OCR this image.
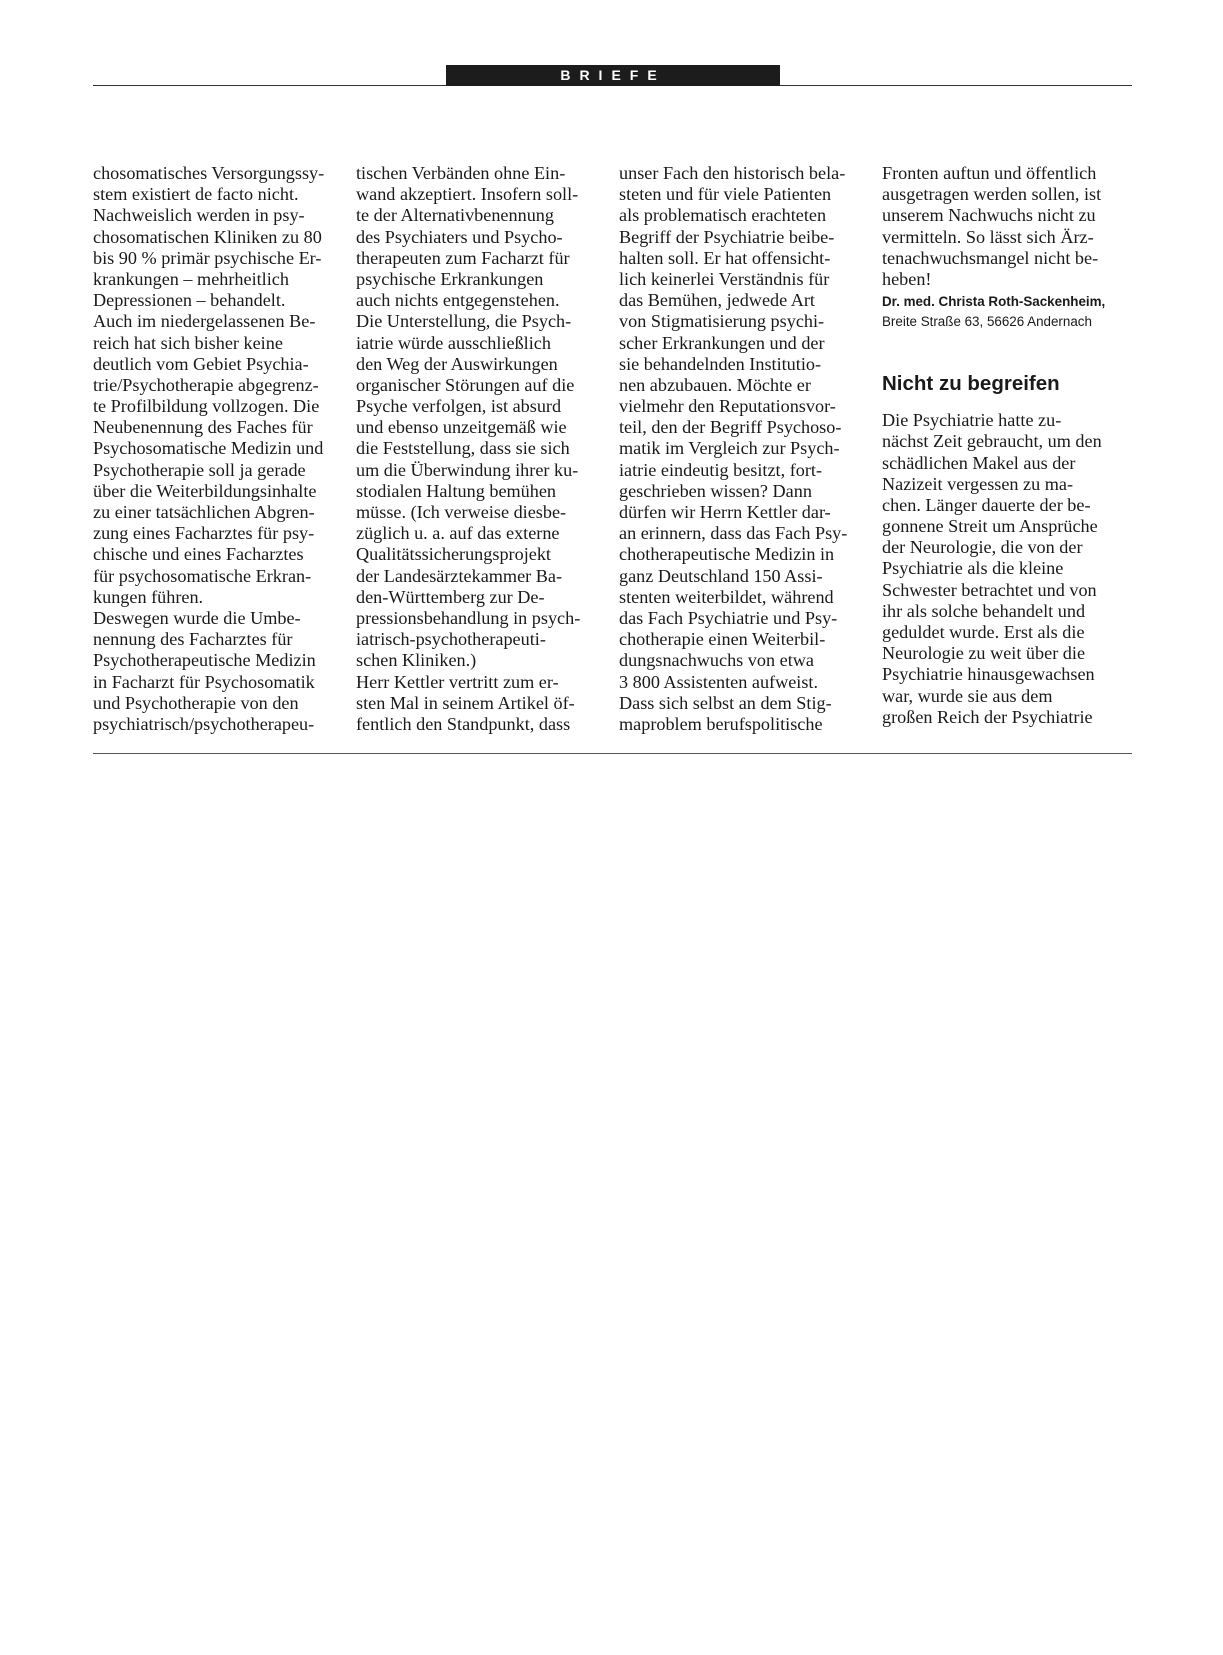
BRIEFE
chosomatisches Versorgungssy-
stem existiert de facto nicht.
Nachweislich werden in psy-
chosomatischen Kliniken zu 80
bis 90 % primär psychische Er-
krankungen – mehrheitlich
Depressionen – behandelt.
Auch im niedergelassenen Be-
reich hat sich bisher keine
deutlich vom Gebiet Psychia-
trie/Psychotherapie abgegrenz-
te Profilbildung vollzogen. Die
Neubenennung des Faches für
Psychosomatische Medizin und
Psychotherapie soll ja gerade
über die Weiterbildungsinhalte
zu einer tatsächlichen Abgren-
zung eines Facharztes für psy-
chische und eines Facharztes
für psychosomatische Erkran-
kungen führen.
Deswegen wurde die Umbe-
nennung des Facharztes für
Psychotherapeutische Medizin
in Facharzt für Psychosomatik
und Psychotherapie von den
psychiatrisch/psychotherapeu-
tischen Verbänden ohne Ein-
wand akzeptiert. Insofern soll-
te der Alternativbenennung
des Psychiaters und Psycho-
therapeuten zum Facharzt für
psychische Erkrankungen
auch nichts entgegenstehen.
Die Unterstellung, die Psych-
iatrie würde ausschließlich
den Weg der Auswirkungen
organischer Störungen auf die
Psyche verfolgen, ist absurd
und ebenso unzeitgemäß wie
die Feststellung, dass sie sich
um die Überwindung ihrer ku-
stodialen Haltung bemühen
müsse. (Ich verweise diesbe-
züglich u. a. auf das externe
Qualitätssicherungsprojekt
der Landesärztekammer Ba-
den-Württemberg zur De-
pressionsbehandlung in psych-
iatrisch-psychotherapeuti-
schen Kliniken.)
Herr Kettler vertritt zum er-
sten Mal in seinem Artikel öf-
fentlich den Standpunkt, dass
unser Fach den historisch bela-
steten und für viele Patienten
als problematisch erachteten
Begriff der Psychiatrie beibe-
halten soll. Er hat offensicht-
lich keinerlei Verständnis für
das Bemühen, jedwede Art
von Stigmatisierung psychi-
scher Erkrankungen und der
sie behandelnden Institutio-
nen abzubauen. Möchte er
vielmehr den Reputationsvor-
teil, den der Begriff Psychoso-
matik im Vergleich zur Psych-
iatrie eindeutig besitzt, fort-
geschrieben wissen? Dann
dürfen wir Herrn Kettler dar-
an erinnern, dass das Fach Psy-
chotherapeutische Medizin in
ganz Deutschland 150 Assi-
stenten weiterbildet, während
das Fach Psychiatrie und Psy-
chotherapie einen Weiterbil-
dungsnachwuchs von etwa
3 800 Assistenten aufweist.
Dass sich selbst an dem Stig-
maproblem berufspolitische
Fronten auftun und öffentlich
ausgetragen werden sollen, ist
unserem Nachwuchs nicht zu
vermitteln. So lässt sich Ärz-
tenachwuchsmangel nicht be-
heben!
Dr. med. Christa Roth-Sackenheim,
Breite Straße 63, 56626 Andernach
Nicht zu begreifen
Die Psychiatrie hatte zu-
nächst Zeit gebraucht, um den
schädlichen Makel aus der
Nazizeit vergessen zu ma-
chen. Länger dauerte der be-
gonnene Streit um Ansprüche
der Neurologie, die von der
Psychiatrie als die kleine
Schwester betrachtet und von
ihr als solche behandelt und
geduldet wurde. Erst als die
Neurologie zu weit über die
Psychiatrie hinausgewachsen
war, wurde sie aus dem
großen Reich der Psychiatrie
